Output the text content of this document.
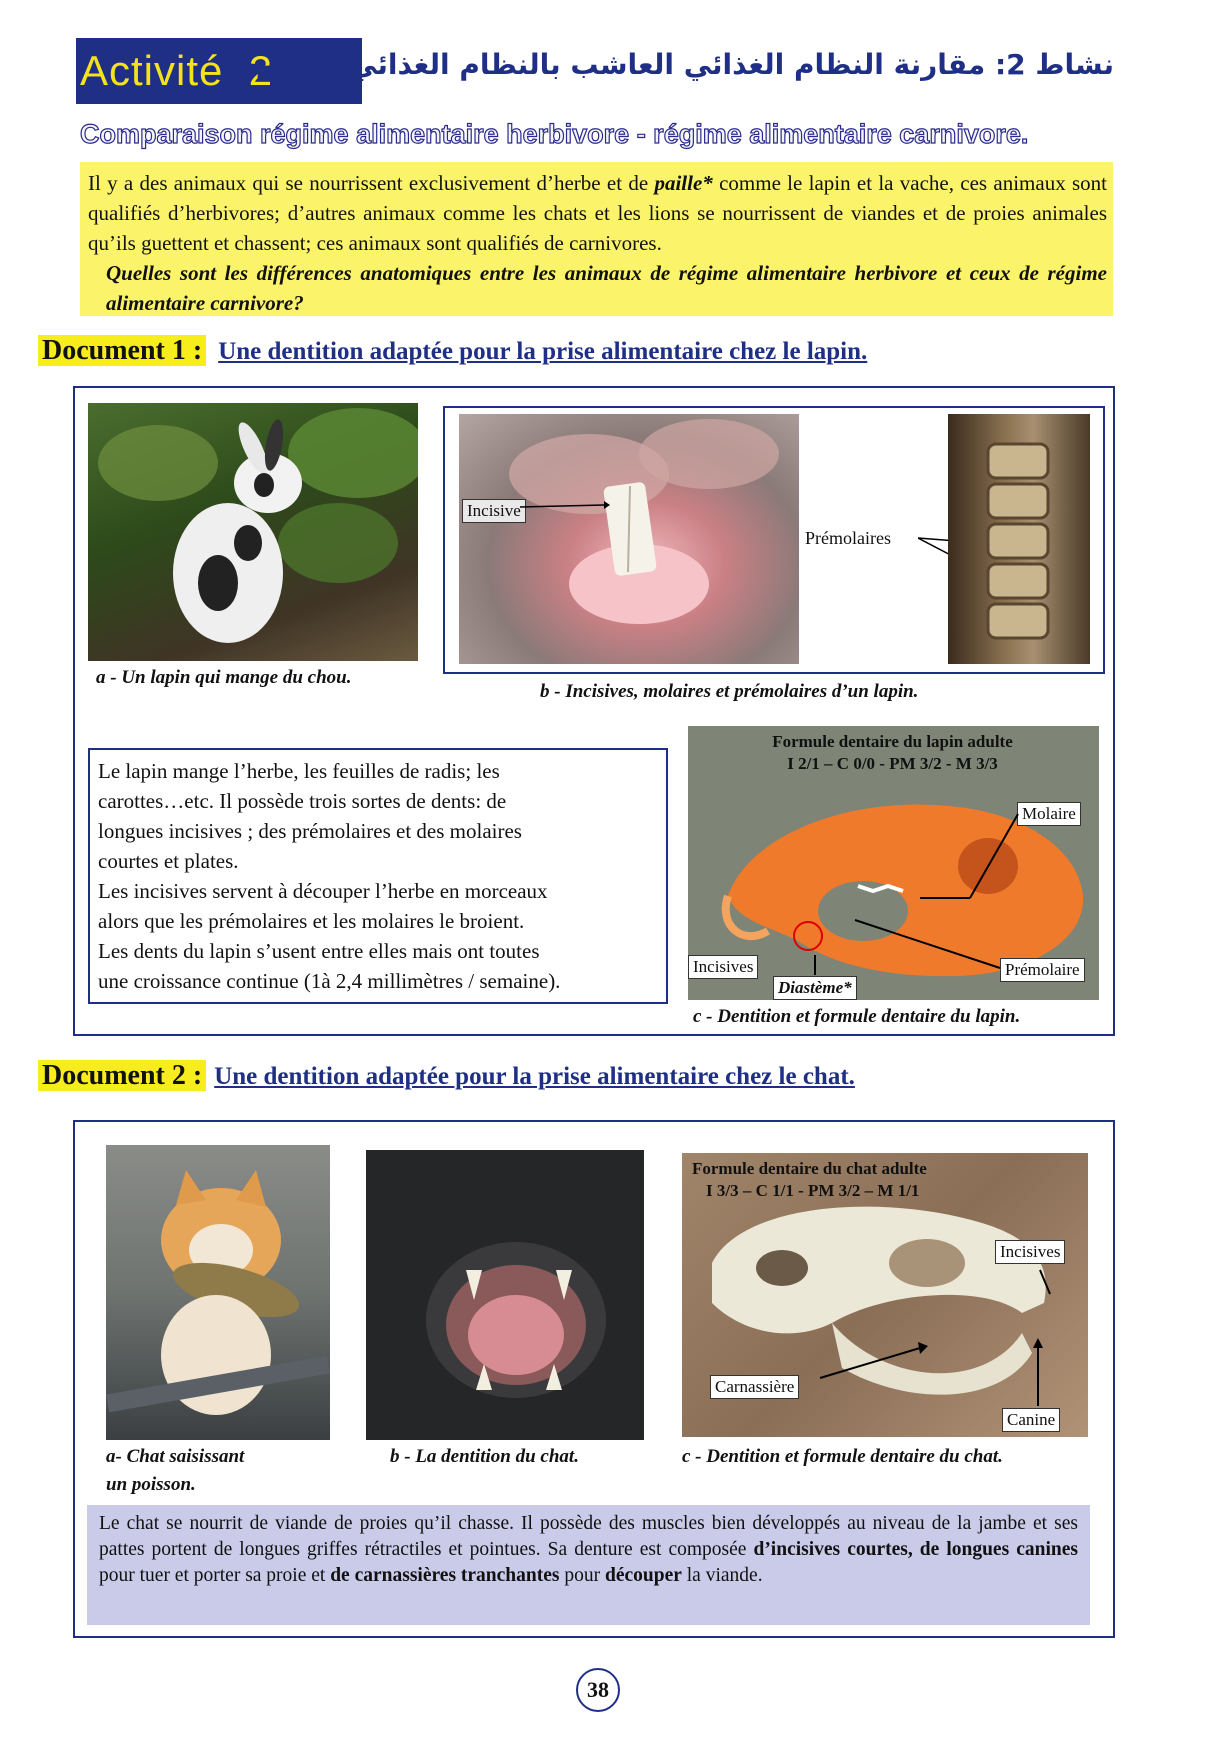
Activité  2
نشاط 2: مقارنة النظام الغذائي العاشب بالنظام الغذائي اللاحم.
Comparaison régime alimentaire herbivore - régime alimentaire carnivore.

Il y a des animaux qui se nourrissent exclusivement d’herbe et de paille* comme le lapin et la vache, ces animaux sont qualifiés d’herbivores; d’autres animaux comme les chats et les lions se nourrissent de viandes et de proies animales qu’ils guettent et chassent; ces animaux sont qualifiés de carnivores.

Quelles sont les différences anatomiques entre les animaux de régime alimentaire herbivore et ceux de régime alimentaire carnivore?

Document 1 : Une dentition adaptée pour la prise alimentaire chez le lapin.
a - Un lapin qui mange du chou.
Incisive
Prémolaires
b - Incisives, molaires et prémolaires d’un lapin.
Le lapin mange l’herbe, les feuilles de radis; les
carottes…etc. Il possède trois sortes de dents: de
longues incisives ; des prémolaires et des molaires
courtes et plates.
Les incisives servent à découper l’herbe en morceaux
alors que les prémolaires et les molaires le broient.
Les dents du lapin s’usent entre elles mais ont toutes
une croissance continue (1à 2,4 millimètres / semaine).
Formule dentaire du lapin adulte
I 2/1 – C 0/0 - PM 3/2 - M 3/3
Molaire
Incisives
Diastème*
Prémolaire
c - Dentition et formule dentaire du lapin.
Document 2 : Une dentition adaptée pour la prise alimentaire chez le chat.
a- Chat saisissant
un poisson.
b - La dentition du chat.
Formule dentaire du chat adulte
I 3/3 – C 1/1 - PM 3/2 – M 1/1
Incisives
Carnassière
Canine
c - Dentition et formule dentaire du chat.
Le chat se nourrit de viande de proies qu’il chasse. Il possède des muscles bien développés au niveau de la jambe et ses pattes portent de longues griffes rétractiles et pointues. Sa denture est composée d’incisives courtes, de longues canines pour tuer et porter sa proie et de carnassières tranchantes pour découper la viande.
38
